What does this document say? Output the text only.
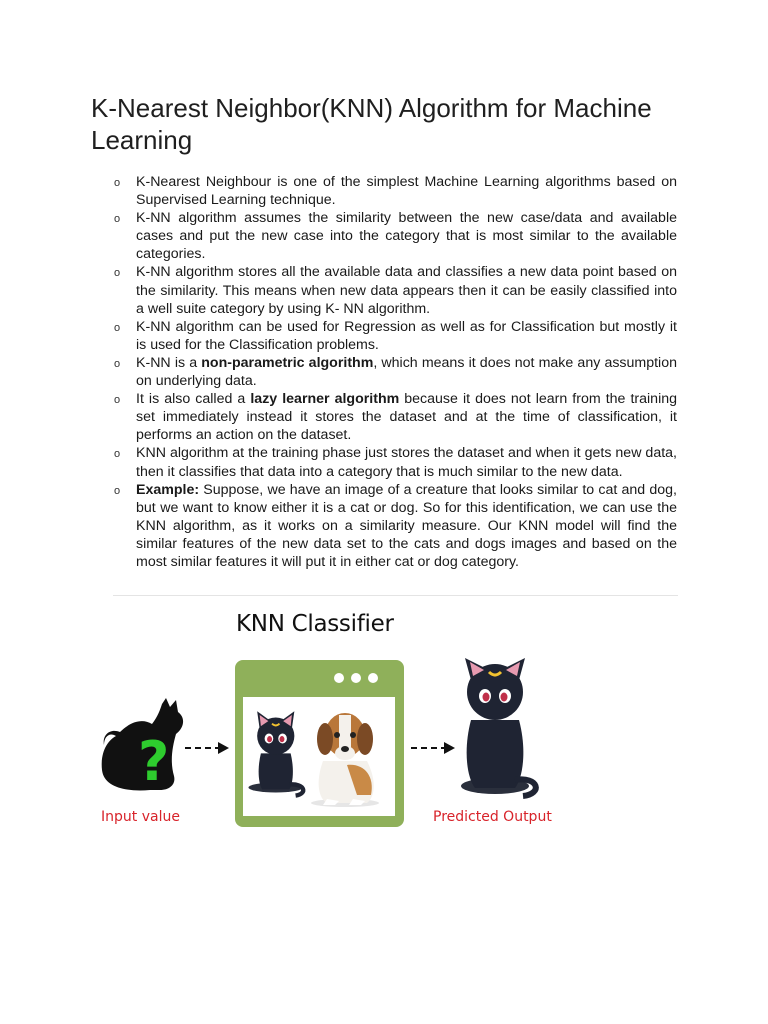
K-Nearest Neighbor(KNN) Algorithm for Machine Learning
o K-Nearest Neighbour is one of the simplest Machine Learning algorithms based on Supervised Learning technique.
o K-NN algorithm assumes the similarity between the new case/data and available cases and put the new case into the category that is most similar to the available categories.
o K-NN algorithm stores all the available data and classifies a new data point based on the similarity. This means when new data appears then it can be easily classified into a well suite category by using K- NN algorithm.
o K-NN algorithm can be used for Regression as well as for Classification but mostly it is used for the Classification problems.
o K-NN is a non-parametric algorithm, which means it does not make any assumption on underlying data.
o It is also called a lazy learner algorithm because it does not learn from the training set immediately instead it stores the dataset and at the time of classification, it performs an action on the dataset.
o KNN algorithm at the training phase just stores the dataset and when it gets new data, then it classifies that data into a category that is much similar to the new data.
o Example: Suppose, we have an image of a creature that looks similar to cat and dog, but we want to know either it is a cat or dog. So for this identification, we can use the KNN algorithm, as it works on a similarity measure. Our KNN model will find the similar features of the new data set to the cats and dogs images and based on the most similar features it will put it in either cat or dog category.
KNN Classifier
?
Input value	Predicted Output
